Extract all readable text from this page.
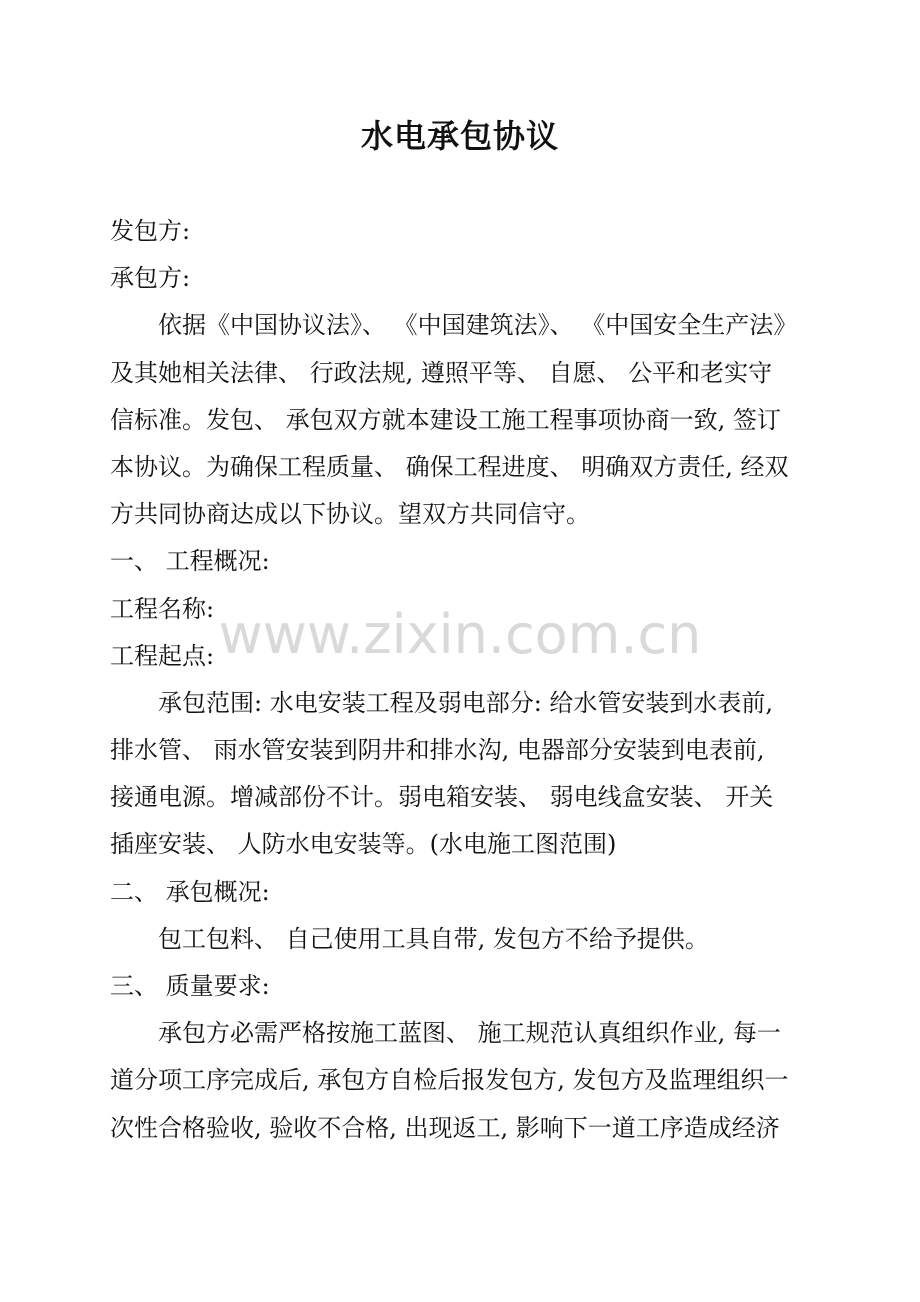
水电承包协议
发包方:
承包方:
依据《中国协议法》、 《中国建筑法》、 《中国安全生产法》
及其她相关法律、 行政法规, 遵照平等、 自愿、 公平和老实守
信标准。发包、 承包双方就本建设工施工程事项协商一致, 签订
本协议。为确保工程质量、 确保工程进度、 明确双方责任, 经双
方共同协商达成以下协议。望双方共同信守。
一、 工程概况:
工程名称:
工程起点:
承包范围: 水电安装工程及弱电部分: 给水管安装到水表前,
排水管、 雨水管安装到阴井和排水沟, 电器部分安装到电表前,
接通电源。增减部份不计。弱电箱安装、 弱电线盒安装、 开关
插座安装、 人防水电安装等。(水电施工图范围)
二、 承包概况:
包工包料、 自己使用工具自带, 发包方不给予提供。
三、 质量要求:
承包方必需严格按施工蓝图、 施工规范认真组织作业, 每一
道分项工序完成后, 承包方自检后报发包方, 发包方及监理组织一
次性合格验收, 验收不合格, 出现返工, 影响下一道工序造成经济
www.zixin.com.cn
